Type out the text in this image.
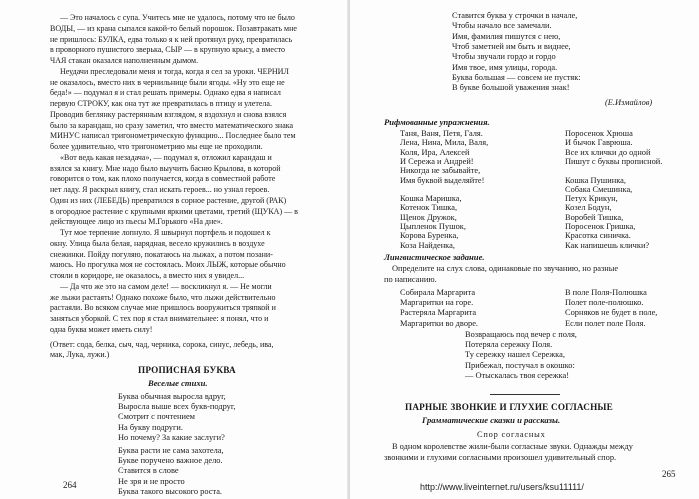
— Это началось с супа. Учитесь мне не удалось, потому что не было
ВОДЫ, — из крана сыпался какой-то белый порошок. Позавтракать мне
не пришлось: БУЛКА, едва только я к ней протянул руку, превратилась
в проворного пушистого зверька, СЫР — в крупную крысу, а вместо
ЧАЯ стакан оказался наполненным дымом.
Неудачи преследовали меня и тогда, когда я сел за уроки. ЧЕРНИЛ
не оказалось, вместо них в чернильнице были ягоды. «Ну это еще не
беда!» — подумал я и стал решать примеры. Однако едва я написал
первую СТРОКУ, как она тут же превратилась в птицу и улетела.
Проводив беглянку растерянным взглядом, я вздохнул и снова взялся
было за карандаш, но сразу заметил, что вместо математического знака
МИНУС написал тригонометрическую функцию... Последнее было тем
более удивительно, что тригонометрию мы еще не проходили.
«Вот ведь какая незадача», — подумал я, отложил карандаш и
взялся за книгу. Мне надо было выучить басню Крылова, в которой
говорится о том, как плохо получается, когда в совместной работе
нет ладу. Я раскрыл книгу, стал искать героев... но узнал героев.
Один из них (ЛЕБЕДЬ) превратился в сорное растение, другой (РАК)
в огородное растение с крупными яркими цветами, третий (ЩУКА) — в
действующее лицо из пьесы М.Горького «На дне».
Тут мое терпение лопнуло. Я швырнул портфель и подошел к
окну. Улица была белая, нарядная, весело кружились в воздухе
снежинки. Пойду погуляю, покатаюсь на лыжах, а потом позани-
маюсь. Но прогулка моя не состоялась. Моих ЛЫЖ, которые обычно
стояли в коридоре, не оказалось, а вместо них я увидел...
— Да что же это на самом деле! — воскликнул я. — Не могли
же лыжи растаять! Однако похоже было, что лыжи действительно
растаяли. Во всяком случае мне пришлось вооружиться тряпкой и
заняться уборкой. С тех пор я стал внимательнее: я понял, что и
одна буква может иметь силу!
(Ответ: сода, белка, сыч, чад, черника, сорока, синус, лебедь, ива,
мак, Лука, лужи.)
ПРОПИСНАЯ БУКВА
Веселые стихи.
Буква обычная выросла вдруг,
Выросла выше всех букв-подруг,
Смотрит с почтением
На букву подруги.
Но почему? За какие заслуги?
Буква расти не сама захотела,
Букве поручено важное дело.
Ставится в слове
Не зря и не просто
Буква такого высокого роста.
264
Ставится буква у строчки в начале,
Чтобы начало все замечали.
Имя, фамилия пишутся с нею,
Чтоб заметней им быть и виднее,
Чтобы звучали гордо и гордо
Имя твое, имя улицы, города.
Буква большая — совсем не пустяк:
В букве большой уважения знак!
(Е.Измайлов)
Рифмованные упражнения.
Таня, Ваня, Петя, Галя.
Лена, Нина, Мила, Валя,
Коля, Ира, Алексей
И Сережа и Андрей!
Никогда не забывайте,
Имя буквой выделяйте!
Кошка Маришка,
Котенок Тишка,
Щенок Дружок,
Цыпленок Пушок,
Корова Буренка,
Коза Найденка,
Поросенок Хрюша
И бычок Гаврюша.
Все их клички до одной
Пишут с буквы прописной.
Кошка Пушинка,
Собака Смешинка,
Петух Крикун,
Козел Бодун,
Воробей Тишка,
Поросенок Гришка,
Красотка синичка.
Как напишешь клички?
Лингвистическое задание.
Определите на слух слова, одинаковые по звучанию, но разные
по написанию.
Собирала Маргарита
Маргаритки на горе.
Растеряла Маргарита
Маргаритки во дворе.
В поле Поля-Полюшка
Полет поле-полюшко.
Сорняков не будет в поле,
Если полет поле Поля.
Возвращаюсь под вечер с поля,
Потеряла сережку Поля.
Ту сережку нашел Сережка,
Прибежал, постучал в окошко:
— Отыскалась твоя сережка!
ПАРНЫЕ ЗВОНКИЕ И ГЛУХИЕ СОГЛАСНЫЕ
Грамматические сказки и рассказы.
Спор согласных
В одном королевстве жили-были согласные звуки. Однажды между
звонкими и глухими согласными произошел удивительный спор.
265
http://www.liveinternet.ru/users/ksu11111/
